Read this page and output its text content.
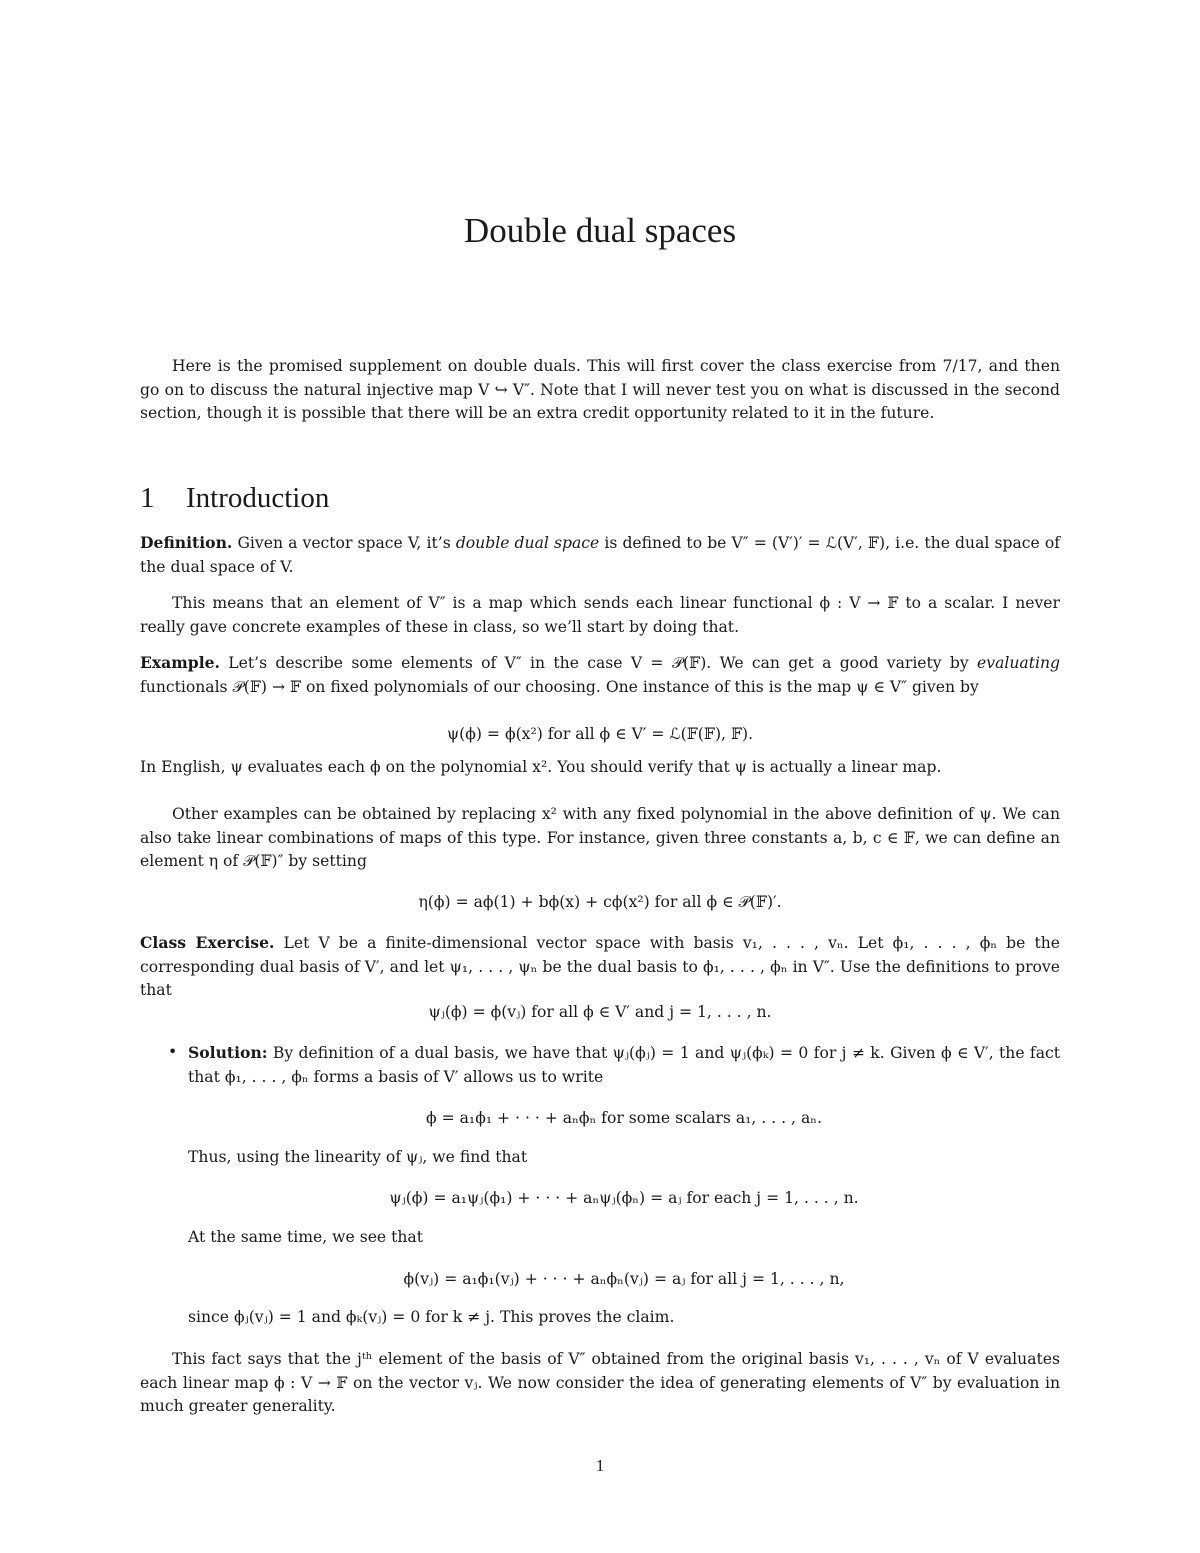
Double dual spaces

Here is the promised supplement on double duals. This will first cover the class exercise from 7/17, and then go on to discuss the natural injective map V ↪ V″. Note that I will never test you on what is discussed in the second section, though it is possible that there will be an extra credit opportunity related to it in the future.

1 Introduction

Definition. Given a vector space V, it’s double dual space is defined to be V″ = (V′)′ = ℒ(V′, 𝔽), i.e. the dual space of the dual space of V.

This means that an element of V″ is a map which sends each linear functional ϕ : V → 𝔽 to a scalar. I never really gave concrete examples of these in class, so we’ll start by doing that.

Example. Let’s describe some elements of V″ in the case V = 𝒫(𝔽). We can get a good variety by evaluating functionals 𝒫(𝔽) → 𝔽 on fixed polynomials of our choosing. One instance of this is the map ψ ∈ V″ given by

ψ(ϕ) = ϕ(x²) for all ϕ ∈ V′ = ℒ(𝔽(𝔽), 𝔽).

In English, ψ evaluates each ϕ on the polynomial x². You should verify that ψ is actually a linear map.

Other examples can be obtained by replacing x² with any fixed polynomial in the above definition of ψ. We can also take linear combinations of maps of this type. For instance, given three constants a, b, c ∈ 𝔽, we can define an element η of 𝒫(𝔽)″ by setting

η(ϕ) = aϕ(1) + bϕ(x) + cϕ(x²) for all ϕ ∈ 𝒫(𝔽)′.

Class Exercise. Let V be a finite-dimensional vector space with basis v₁, . . . , vₙ. Let ϕ₁, . . . , ϕₙ be the corresponding dual basis of V′, and let ψ₁, . . . , ψₙ be the dual basis to ϕ₁, . . . , ϕₙ in V″. Use the definitions to prove that

ψⱼ(ϕ) = ϕ(vⱼ) for all ϕ ∈ V′ and j = 1, . . . , n.
• Solution: By definition of a dual basis, we have that ψⱼ(ϕⱼ) = 1 and ψⱼ(ϕₖ) = 0 for j ≠ k. Given ϕ ∈ V′, the fact that ϕ₁, . . . , ϕₙ forms a basis of V′ allows us to write

ϕ = a₁ϕ₁ + · · · + aₙϕₙ for some scalars a₁, . . . , aₙ.

Thus, using the linearity of ψⱼ, we find that

ψⱼ(ϕ) = a₁ψⱼ(ϕ₁) + · · · + aₙψⱼ(ϕₙ) = aⱼ for each j = 1, . . . , n.

At the same time, we see that

ϕ(vⱼ) = a₁ϕ₁(vⱼ) + · · · + aₙϕₙ(vⱼ) = aⱼ for all j = 1, . . . , n,

since ϕⱼ(vⱼ) = 1 and ϕₖ(vⱼ) = 0 for k ≠ j. This proves the claim.

This fact says that the jᵗʰ element of the basis of V″ obtained from the original basis v₁, . . . , vₙ of V evaluates each linear map ϕ : V → 𝔽 on the vector vⱼ. We now consider the idea of generating elements of V″ by evaluation in much greater generality.

1
